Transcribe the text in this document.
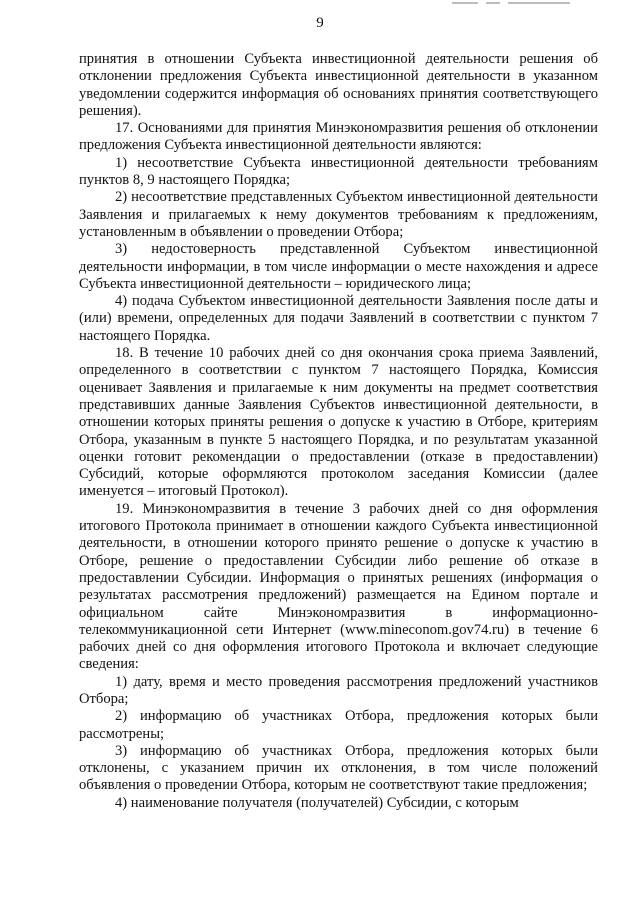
9

принятия в отношении Субъекта инвестиционной деятельности решения об отклонении предложения Субъекта инвестиционной деятельности в указанном уведомлении содержится информация об основаниях принятия соответствующего решения).

17. Основаниями для принятия Минэкономразвития решения об отклонении предложения Субъекта инвестиционной деятельности являются:

1) несоответствие Субъекта инвестиционной деятельности требованиям пунктов 8, 9 настоящего Порядка;

2) несоответствие представленных Субъектом инвестиционной деятельности Заявления и прилагаемых к нему документов требованиям к предложениям, установленным в объявлении о проведении Отбора;

3) недостоверность представленной Субъектом инвестиционной деятельности информации, в том числе информации о месте нахождения и адресе Субъекта инвестиционной деятельности – юридического лица;

4) подача Субъектом инвестиционной деятельности Заявления после даты и (или) времени, определенных для подачи Заявлений в соответствии с пунктом 7 настоящего Порядка.

18. В течение 10 рабочих дней со дня окончания срока приема Заявлений, определенного в соответствии с пунктом 7 настоящего Порядка, Комиссия оценивает Заявления и прилагаемые к ним документы на предмет соответствия представивших данные Заявления Субъектов инвестиционной деятельности, в отношении которых приняты решения о допуске к участию в Отборе, критериям Отбора, указанным в пункте 5 настоящего Порядка, и по результатам указанной оценки готовит рекомендации о предоставлении (отказе в предоставлении) Субсидий, которые оформляются протоколом заседания Комиссии (далее именуется – итоговый Протокол).

19. Минэкономразвития в течение 3 рабочих дней со дня оформления итогового Протокола принимает в отношении каждого Субъекта инвестиционной деятельности, в отношении которого принято решение о допуске к участию в Отборе, решение о предоставлении Субсидии либо решение об отказе в предоставлении Субсидии. Информация о принятых решениях (информация о результатах рассмотрения предложений) размещается на Едином портале и официальном сайте Минэкономразвития в информационно-телекоммуникационной сети Интернет (www.mineconom.gov74.ru) в течение 6 рабочих дней со дня оформления итогового Протокола и включает следующие сведения:

1) дату, время и место проведения рассмотрения предложений участников Отбора;

2) информацию об участниках Отбора, предложения которых были рассмотрены;

3) информацию об участниках Отбора, предложения которых были отклонены, с указанием причин их отклонения, в том числе положений объявления о проведении Отбора, которым не соответствуют такие предложения;

4) наименование получателя (получателей) Субсидии, с которым
